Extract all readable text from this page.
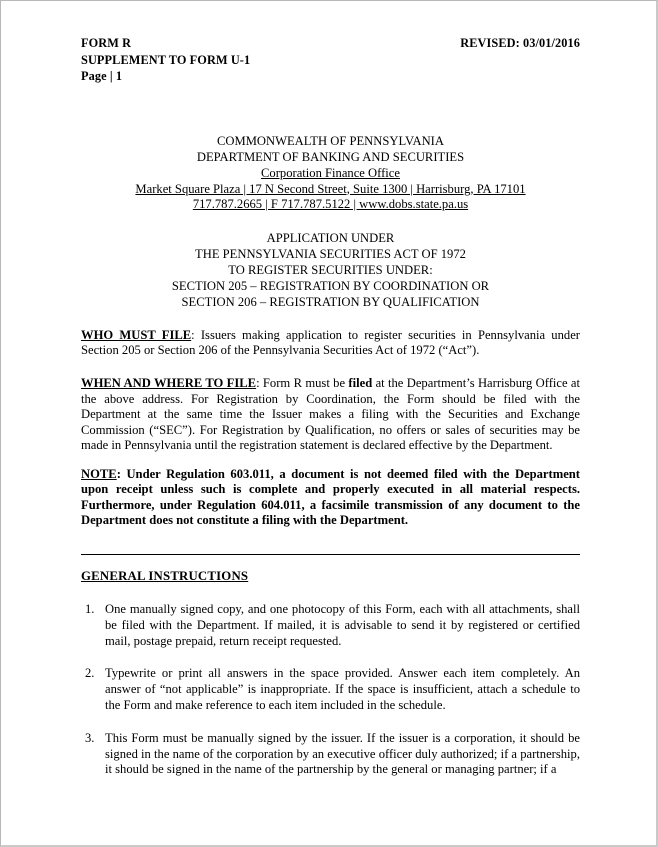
FORM R	REVISED: 03/01/2016
SUPPLEMENT TO FORM U-1
Page | 1
COMMONWEALTH OF PENNSYLVANIA
DEPARTMENT OF BANKING AND SECURITIES
Corporation Finance Office
Market Square Plaza | 17 N Second Street, Suite 1300 | Harrisburg, PA 17101
717.787.2665 | F 717.787.5122 | www.dobs.state.pa.us
APPLICATION UNDER
THE PENNSYLVANIA SECURITIES ACT OF 1972
TO REGISTER SECURITIES UNDER:
SECTION 205 – REGISTRATION BY COORDINATION OR
SECTION 206 – REGISTRATION BY QUALIFICATION

WHO MUST FILE: Issuers making application to register securities in Pennsylvania under Section 205 or Section 206 of the Pennsylvania Securities Act of 1972 (“Act”).

WHEN AND WHERE TO FILE: Form R must be filed at the Department’s Harrisburg Office at the above address. For Registration by Coordination, the Form should be filed with the Department at the same time the Issuer makes a filing with the Securities and Exchange Commission (“SEC”). For Registration by Qualification, no offers or sales of securities may be made in Pennsylvania until the registration statement is declared effective by the Department.

NOTE: Under Regulation 603.011, a document is not deemed filed with the Department upon receipt unless such is complete and properly executed in all material respects. Furthermore, under Regulation 604.011, a facsimile transmission of any document to the Department does not constitute a filing with the Department.

GENERAL INSTRUCTIONS
1. One manually signed copy, and one photocopy of this Form, each with all attachments, shall be filed with the Department. If mailed, it is advisable to send it by registered or certified mail, postage prepaid, return receipt requested.
2. Typewrite or print all answers in the space provided. Answer each item completely. An answer of “not applicable” is inappropriate. If the space is insufficient, attach a schedule to the Form and make reference to each item included in the schedule.
3. This Form must be manually signed by the issuer. If the issuer is a corporation, it should be signed in the name of the corporation by an executive officer duly authorized; if a partnership, it should be signed in the name of the partnership by the general or managing partner; if a
